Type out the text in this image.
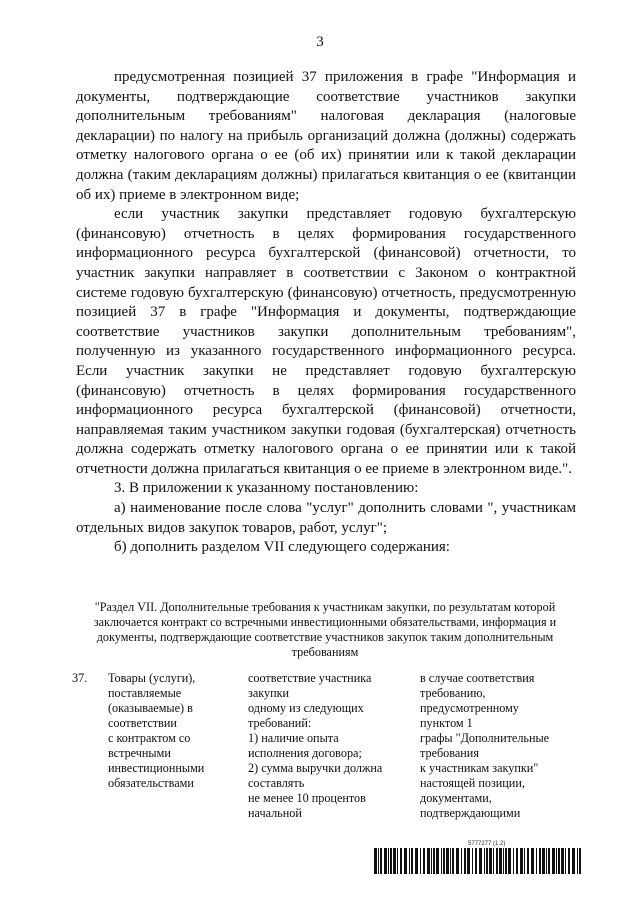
3

предусмотренная позицией 37 приложения в графе "Информация и документы, подтверждающие соответствие участников закупки дополнительным требованиям" налоговая декларация (налоговые декларации) по налогу на прибыль организаций должна (должны) содержать отметку налогового органа о ее (об их) принятии или к такой декларации должна (таким декларациям должны) прилагаться квитанция о ее (квитанции об их) приеме в электронном виде;

если участник закупки представляет годовую бухгалтерскую (финансовую) отчетность в целях формирования государственного информационного ресурса бухгалтерской (финансовой) отчетности, то участник закупки направляет в соответствии с Законом о контрактной системе годовую бухгалтерскую (финансовую) отчетность, предусмотренную позицией 37 в графе "Информация и документы, подтверждающие соответствие участников закупки дополнительным требованиям", полученную из указанного государственного информационного ресурса. Если участник закупки не представляет годовую бухгалтерскую (финансовую) отчетность в целях формирования государственного информационного ресурса бухгалтерской (финансовой) отчетности, направляемая таким участником закупки годовая (бухгалтерская) отчетность должна содержать отметку налогового органа о ее принятии или к такой отчетности должна прилагаться квитанция о ее приеме в электронном виде.".

3. В приложении к указанному постановлению:

а) наименование после слова "услуг" дополнить словами ", участникам отдельных видов закупок товаров, работ, услуг";

б) дополнить разделом VII следующего содержания:

"Раздел VII. Дополнительные требования к участникам закупки, по результатам которой заключается контракт со встречными инвестиционными обязательствами, информация и документы, подтверждающие соответствие участников закупок таким дополнительным требованиям
37.	Товары (услуги),
поставляемые
(оказываемые) в
соответствии
с контрактом со
встречными
инвестиционными
обязательствами
соответствие участника
закупки
одному из следующих
требований:
1) наличие опыта
исполнения договора;
2) сумма выручки должна
составлять
не менее 10 процентов
начальной
в случае соответствия
требованию,
предусмотренному
пунктом 1
графы "Дополнительные
требования
к участникам закупки"
настоящей позиции,
документами,
подтверждающими
5777277 (1.2)
